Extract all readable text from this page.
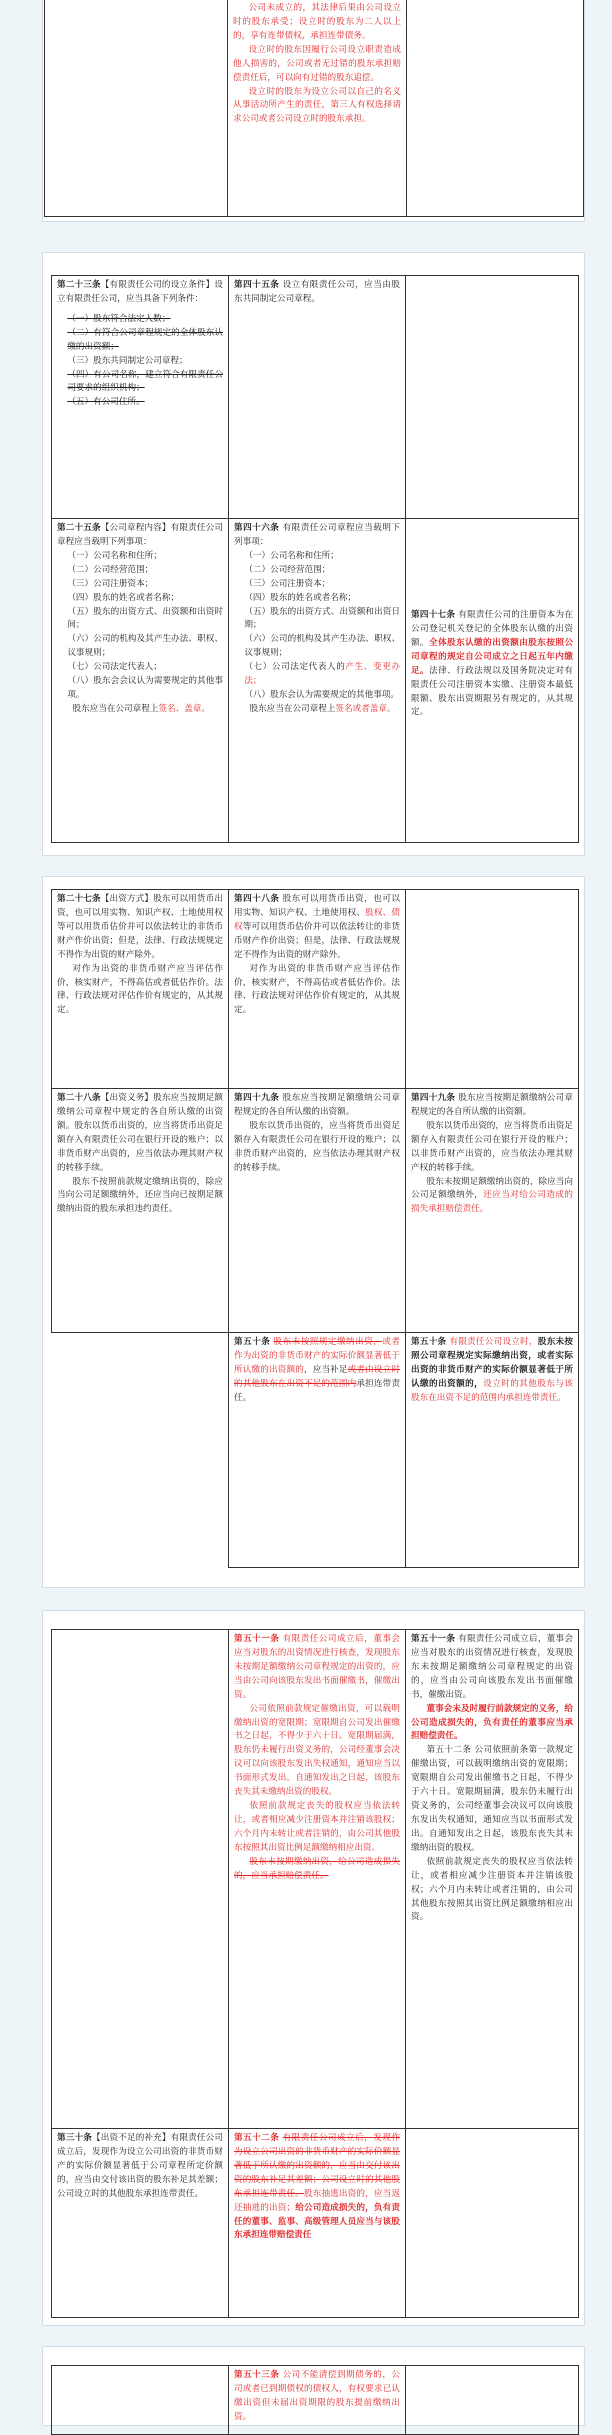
公司未成立的，其法律后果由公司设立时的股东承受；设立时的股东为二人以上的，享有连带债权，承担连带债务。

设立时的股东因履行公司设立职责造成他人损害的，公司或者无过错的股东承担赔偿责任后，可以向有过错的股东追偿。

设立时的股东为设立公司以自己的名义从事活动所产生的责任，第三人有权选择请求公司或者公司设立时的股东承担。

第二十三条【有限责任公司的设立条件】设立有限责任公司，应当具备下列条件：

（一）股东符合法定人数；

（二）有符合公司章程规定的全体股东认缴的出资额；

（三）股东共同制定公司章程；

（四）有公司名称，建立符合有限责任公司要求的组织机构；

（五）有公司住所。

第四十五条 设立有限责任公司，应当由股东共同制定公司章程。

第二十五条【公司章程内容】有限责任公司章程应当载明下列事项：

（一）公司名称和住所；

（二）公司经营范围；

（三）公司注册资本；

（四）股东的姓名或者名称；

（五）股东的出资方式、出资额和出资时间；

（六）公司的机构及其产生办法、职权、议事规则；

（七）公司法定代表人；

（八）股东会会议认为需要规定的其他事项。

股东应当在公司章程上签名、盖章。

第四十六条 有限责任公司章程应当载明下列事项：

（一）公司名称和住所；

（二）公司经营范围；

（三）公司注册资本；

（四）股东的姓名或者名称；

（五）股东的出资方式、出资额和出资日期；

（六）公司的机构及其产生办法、职权、议事规则；

（七）公司法定代表人的产生、变更办法；

（八）股东会认为需要规定的其他事项。

股东应当在公司章程上签名或者盖章。

第四十七条 有限责任公司的注册资本为在公司登记机关登记的全体股东认缴的出资额。全体股东认缴的出资额由股东按照公司章程的规定自公司成立之日起五年内缴足。法律、行政法规以及国务院决定对有限责任公司注册资本实缴、注册资本最低限额、股东出资期限另有规定的，从其规定。

第二十七条【出资方式】股东可以用货币出资，也可以用实物、知识产权、土地使用权等可以用货币估价并可以依法转让的非货币财产作价出资；但是，法律、行政法规规定不得作为出资的财产除外。

对作为出资的非货币财产应当评估作价，核实财产，不得高估或者低估作价。法律、行政法规对评估作价有规定的，从其规定。

第四十八条 股东可以用货币出资，也可以用实物、知识产权、土地使用权、股权、债权等可以用货币估价并可以依法转让的非货币财产作价出资；但是，法律、行政法规规定不得作为出资的财产除外。

对作为出资的非货币财产应当评估作价，核实财产，不得高估或者低估作价。法律、行政法规对评估作价有规定的，从其规定。

第二十八条【出资义务】股东应当按期足额缴纳公司章程中规定的各自所认缴的出资额。股东以货币出资的，应当将货币出资足额存入有限责任公司在银行开设的账户；以非货币财产出资的，应当依法办理其财产权的转移手续。

股东不按照前款规定缴纳出资的，除应当向公司足额缴纳外，还应当向已按期足额缴纳出资的股东承担违约责任。

第四十九条 股东应当按期足额缴纳公司章程规定的各自所认缴的出资额。

股东以货币出资的，应当将货币出资足额存入有限责任公司在银行开设的账户；以非货币财产出资的，应当依法办理其财产权的转移手续。

第四十九条 股东应当按期足额缴纳公司章程规定的各自所认缴的出资额。

股东以货币出资的，应当将货币出资足额存入有限责任公司在银行开设的账户；以非货币财产出资的，应当依法办理其财产权的转移手续。

股东未按期足额缴纳出资的，除应当向公司足额缴纳外，还应当对给公司造成的损失承担赔偿责任。

第五十条 股东未按照规定缴纳出资，或者作为出资的非货币财产的实际价额显著低于所认缴的出资额的，应当补足或者由设立时的其他股东在出资不足的范围内承担连带责任。

第五十条 有限责任公司设立时，股东未按照公司章程规定实际缴纳出资，或者实际出资的非货币财产的实际价额显著低于所认缴的出资额的，设立时的其他股东与该股东在出资不足的范围内承担连带责任。

第五十一条 有限责任公司成立后，董事会应当对股东的出资情况进行核查，发现股东未按期足额缴纳公司章程规定的出资的，应当由公司向该股东发出书面催缴书，催缴出资。

公司依照前款规定催缴出资，可以载明缴纳出资的宽限期；宽限期自公司发出催缴书之日起，不得少于六十日。宽限期届满，股东仍未履行出资义务的，公司经董事会决议可以向该股东发出失权通知，通知应当以书面形式发出。自通知发出之日起，该股东丧失其未缴纳出资的股权。

依照前款规定丧失的股权应当依法转让，或者相应减少注册资本并注销该股权；六个月内未转让或者注销的，由公司其他股东按照其出资比例足额缴纳相应出资。

股东未按期缴纳出资，给公司造成损失的，应当承担赔偿责任。

第五十一条 有限责任公司成立后，董事会应当对股东的出资情况进行核查，发现股东未按期足额缴纳公司章程规定的出资的，应当由公司向该股东发出书面催缴书，催缴出资。

董事会未及时履行前款规定的义务，给公司造成损失的，负有责任的董事应当承担赔偿责任。

第五十二条 公司依照前条第一款规定催缴出资，可以载明缴纳出资的宽限期；宽限期自公司发出催缴书之日起，不得少于六十日。宽限期届满，股东仍未履行出资义务的，公司经董事会决议可以向该股东发出失权通知，通知应当以书面形式发出。自通知发出之日起，该股东丧失其未缴纳出资的股权。

依照前款规定丧失的股权应当依法转让，或者相应减少注册资本并注销该股权；六个月内未转让或者注销的，由公司其他股东按照其出资比例足额缴纳相应出资。

第三十条【出资不足的补充】有限责任公司成立后，发现作为设立公司出资的非货币财产的实际价额显著低于公司章程所定价额的，应当由交付该出资的股东补足其差额；公司设立时的其他股东承担连带责任。

第五十二条 有限责任公司成立后，发现作为设立公司出资的非货币财产的实际价额显著低于所认缴的出资额的，应当由交付该出资的股东补足其差额；公司设立时的其他股东承担连带责任。股东抽逃出资的，应当返还抽逃的出资；给公司造成损失的，负有责任的董事、监事、高级管理人员应当与该股东承担连带赔偿责任

第五十三条 公司不能清偿到期债务的，公司或者已到期债权的债权人，有权要求已认缴出资但未届出资期限的股东提前缴纳出资。
